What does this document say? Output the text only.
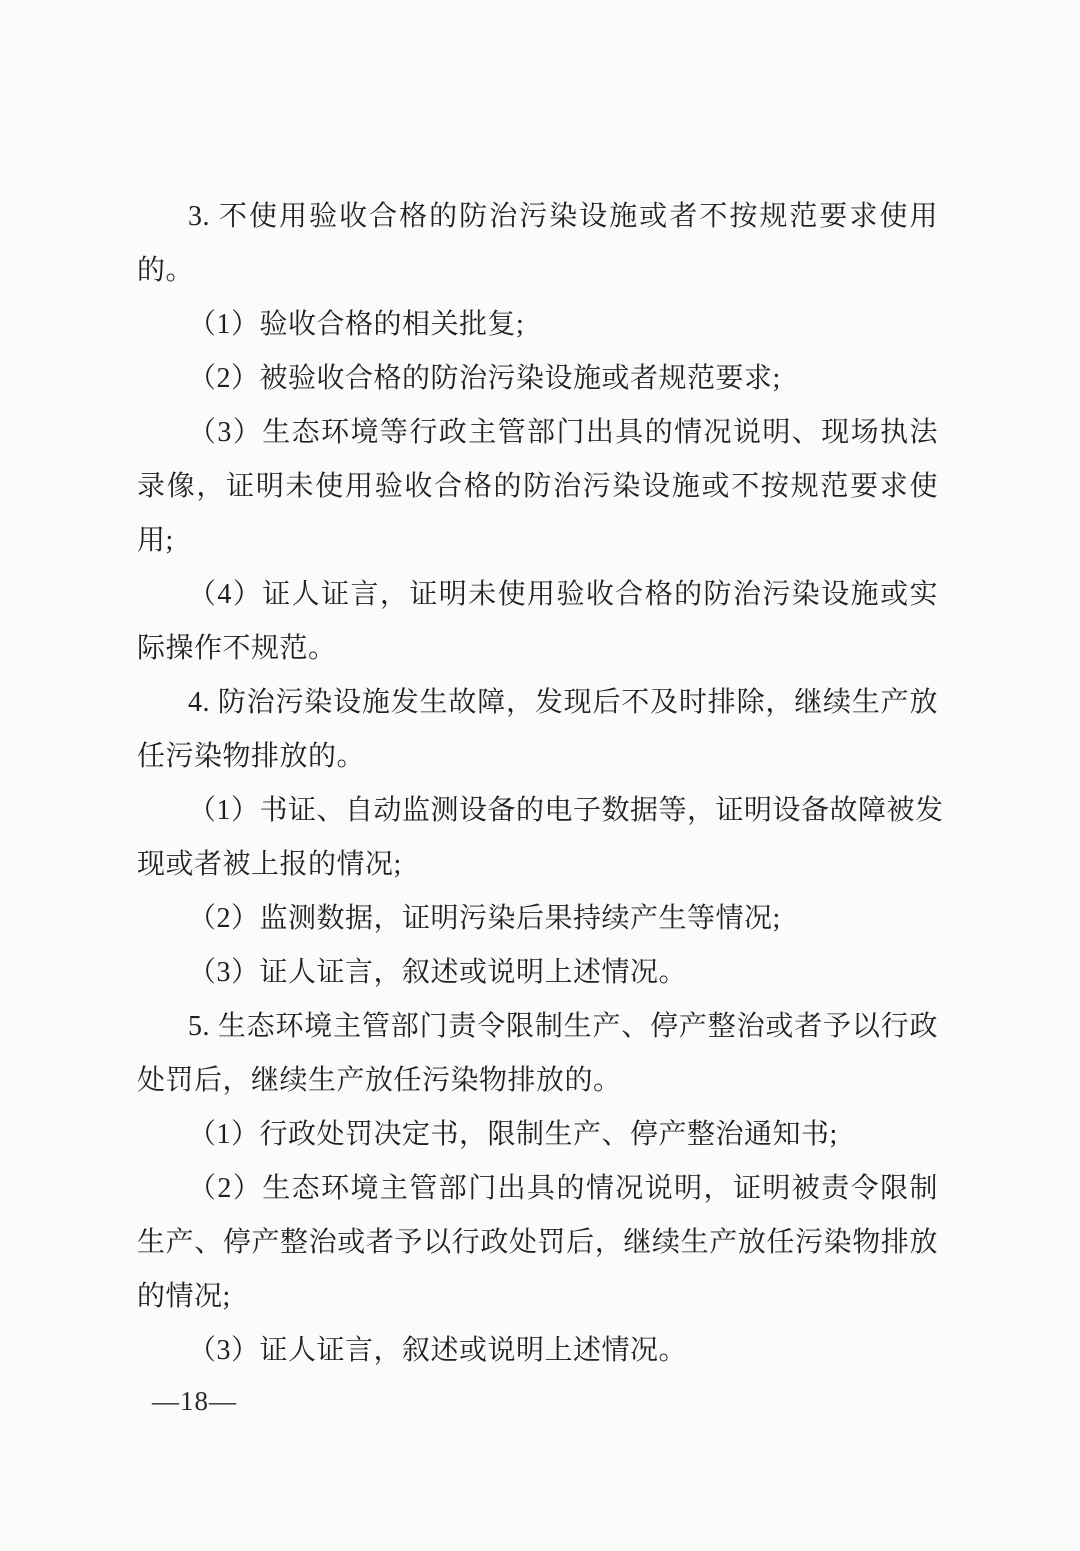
3. 不使用验收合格的防治污染设施或者不按规范要求使用
的。
（1）验收合格的相关批复;
（2）被验收合格的防治污染设施或者规范要求;
（3）生态环境等行政主管部门出具的情况说明、现场执法
录像，证明未使用验收合格的防治污染设施或不按规范要求使
用;
（4）证人证言，证明未使用验收合格的防治污染设施或实
际操作不规范。
4. 防治污染设施发生故障，发现后不及时排除，继续生产放
任污染物排放的。
（1）书证、自动监测设备的电子数据等，证明设备故障被发
现或者被上报的情况;
（2）监测数据，证明污染后果持续产生等情况;
（3）证人证言，叙述或说明上述情况。
5. 生态环境主管部门责令限制生产、停产整治或者予以行政
处罚后，继续生产放任污染物排放的。
（1）行政处罚决定书，限制生产、停产整治通知书;
（2）生态环境主管部门出具的情况说明，证明被责令限制
生产、停产整治或者予以行政处罚后，继续生产放任污染物排放
的情况;
（3）证人证言，叙述或说明上述情况。
—18—
